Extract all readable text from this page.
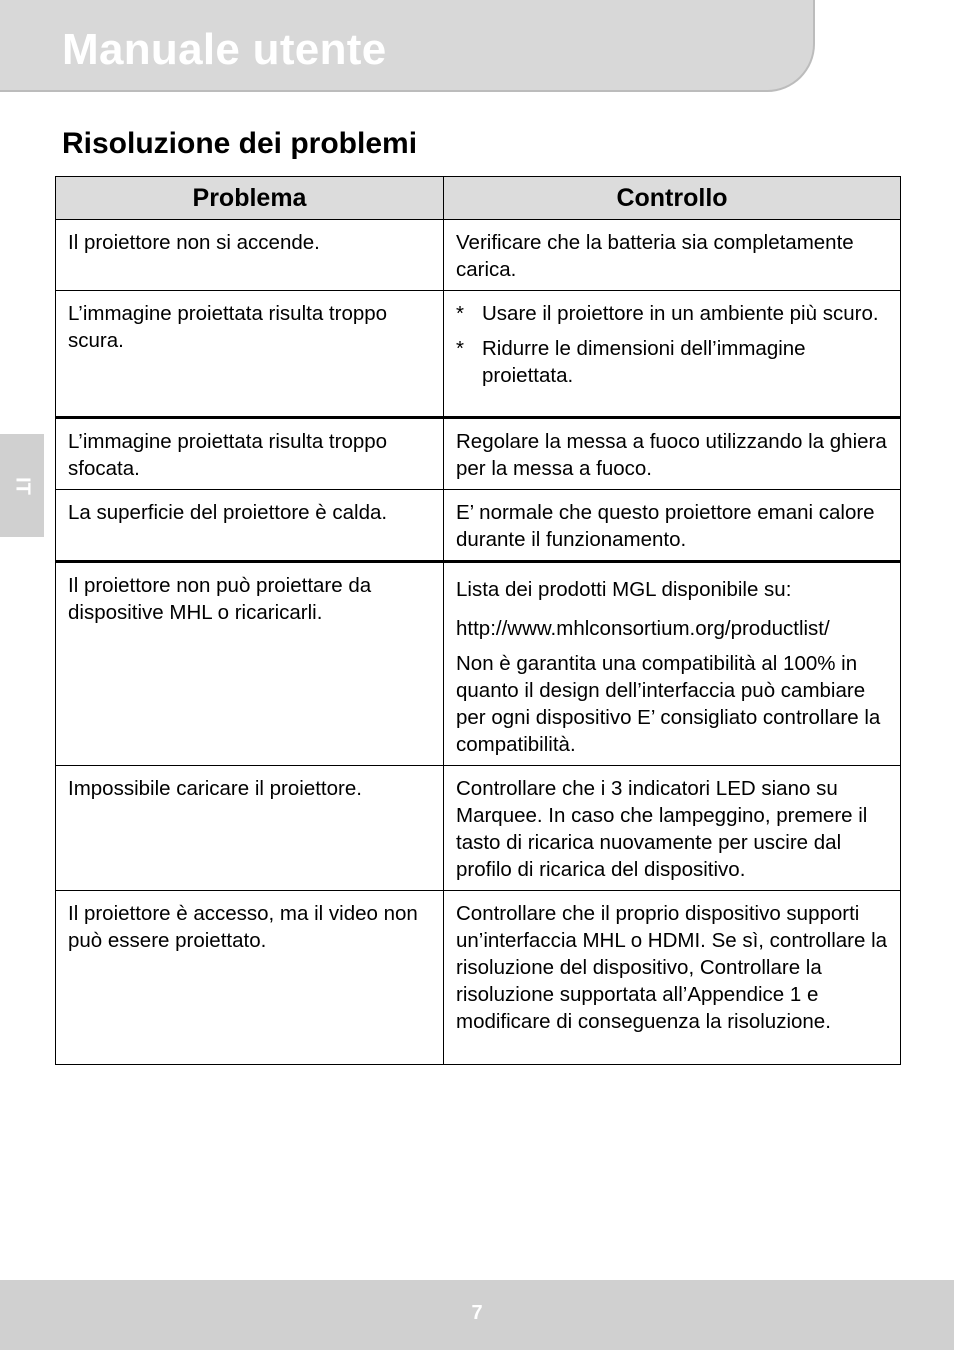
Manuale utente
Risoluzione dei problemi
IT
Problema	Controllo
Il proiettore non si accende.	Verificare che la batteria sia completamente carica.

L’immagine proiettata risulta troppo scura.	* Usare il proiettore in un ambiente più scuro.
* Ridurre le dimensioni dell’immagine proiettata.

L’immagine proiettata risulta troppo sfocata.	Regolare la messa a fuoco utilizzando la ghiera per la messa a fuoco.

La superficie del proiettore è calda.	E’ normale che questo proiettore emani calore durante il funzionamento.

Il proiettore non può proiettare da dispositive MHL o ricaricarli.	Lista dei prodotti MGL disponibile su:
http://www.mhlconsortium.org/productlist/
Non è garantita una compatibilità al 100% in quanto il design dell’interfaccia può cambiare per ogni dispositivo E’ consigliato controllare la compatibilità.

Impossibile caricare il proiettore.	Controllare che i 3 indicatori LED siano su Marquee. In caso che lampeggino, premere il tasto di ricarica nuovamente per uscire dal profilo di ricarica del dispositivo.

Il proiettore è accesso, ma il video non può essere proiettato.	Controllare che il proprio dispositivo supporti un’interfaccia MHL o HDMI. Se sì, controllare la risoluzione del dispositivo, Controllare la risoluzione supportata all’Appendice 1 e modificare di conseguenza la risoluzione.
7
